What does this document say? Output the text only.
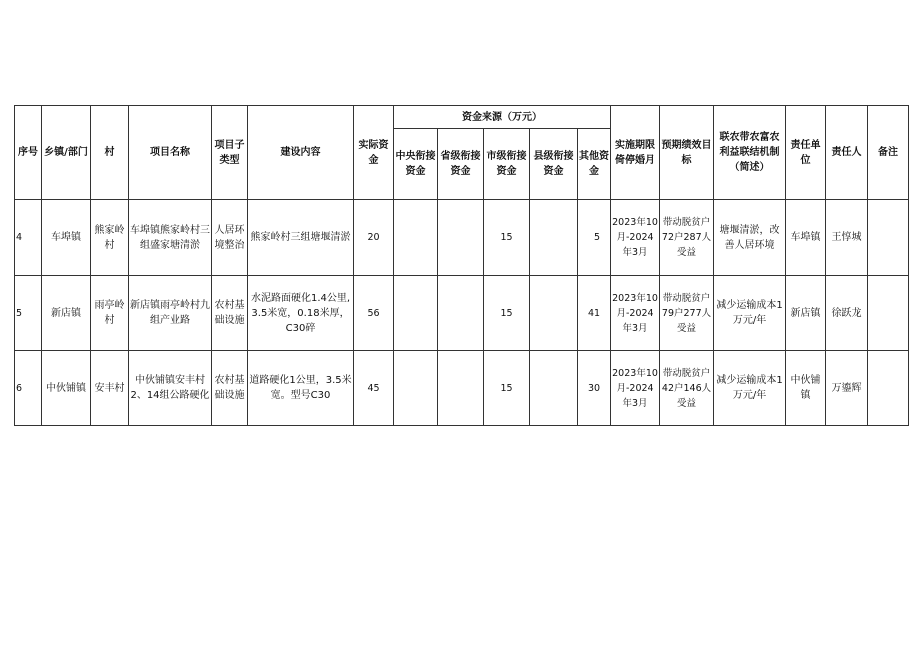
序号	乡镇/部门	村	项目名称	项目子类型	建设内容	实际资金	资金来源（万元）					实施期限倚停婚月	预期绩效目标	联农带农富农利益联结机制（简述）	责任单位	责任人	备注
							中央衔接资金	省级衔接资金	市级衔接资金	县级衔接资金	其他资金						
4	车埠镇	熊家岭村	车埠镇熊家岭村三组盛家塘清淤	人居环境整治	熊家岭村三组塘堰清淤	20			15		5	2023年10月-2024年3月	带动脱贫户72户287人受益	塘堰清淤，改善人居环境	车埠镇	王惇城	
5	新店镇	雨亭岭村	新店镇雨亭岭村九组产业路	农村基础设施	水泥路面硬化1.4公里,3.5米宽，0.18米厚，C30碎	56			15		41	2023年10月-2024年3月	带动脱贫户79户277人受益	减少运输成本1万元/年	新店镇	徐跃龙	
6	中伙铺镇	安丰村	中伙铺镇安丰村2、14组公路硬化	农村基础设施	道路硬化1公里，3.5米宽。型号C30	45			15		30	2023年10月-2024年3月	带动脱贫户42户146人受益	减少运输成本1万元/年	中伙铺镇	万鎏辉	
